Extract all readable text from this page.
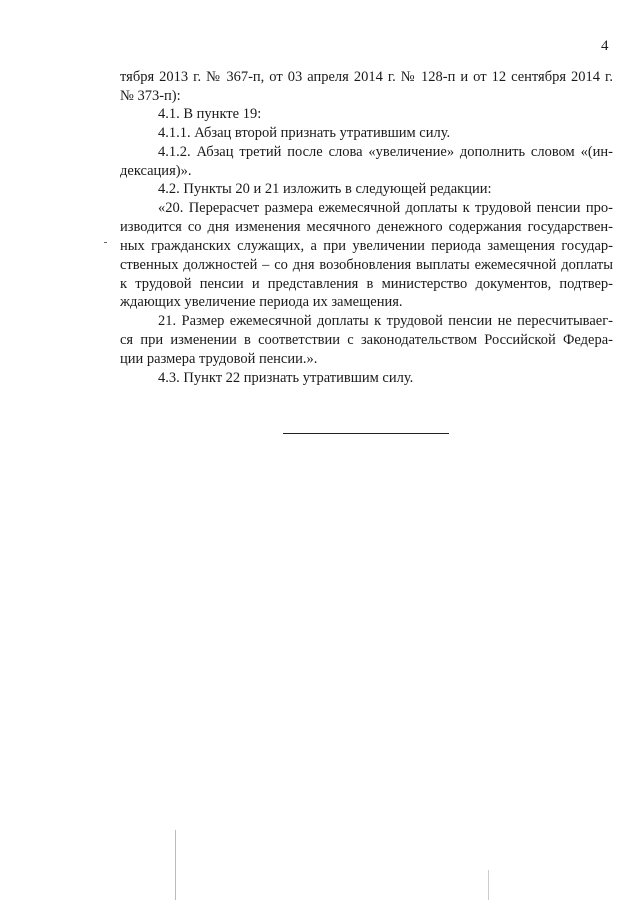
4
тября 2013 г. № 367-п, от 03 апреля 2014 г. № 128-п и от 12 сентября 2014 г.
№ 373-п):
4.1. В пункте 19:
4.1.1. Абзац второй признать утратившим силу.
4.1.2. Абзац третий после слова «увеличение» дополнить словом «(ин-
дексация)».
4.2. Пункты 20 и 21 изложить в следующей редакции:
«20. Перерасчет размера ежемесячной доплаты к трудовой пенсии про-
изводится со дня изменения месячного денежного содержания государствен-
ных гражданских служащих, а при увеличении периода замещения государ-
ственных должностей – со дня возобновления выплаты ежемесячной доплаты
к трудовой пенсии и представления в министерство документов, подтвер-
ждающих увеличение периода их замещения.
21. Размер ежемесячной доплаты к трудовой пенсии не пересчитываег-
ся при изменении в соответствии с законодательством Российской Федера-
ции размера трудовой пенсии.».
4.3. Пункт 22 признать утратившим силу.
